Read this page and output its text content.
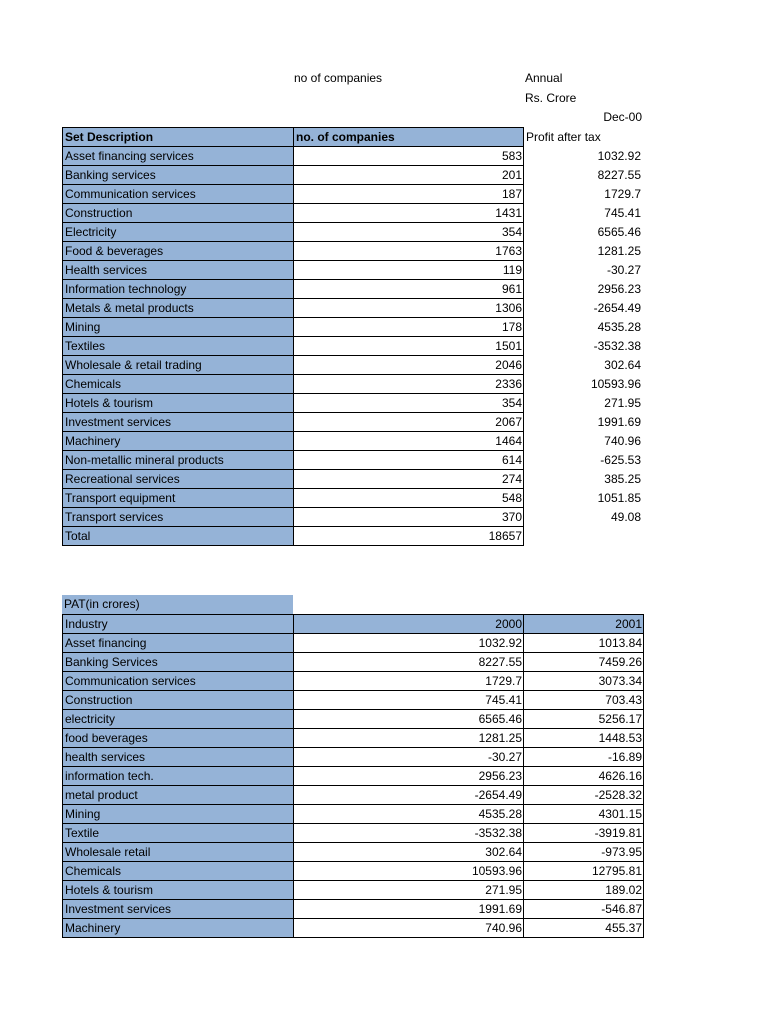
no of companies	Annual
Rs. Crore
Dec-00
Set Description	no. of companies	Profit after tax
Asset financing services	583	1032.92
Banking services	201	8227.55
Communication services	187	1729.7
Construction	1431	745.41
Electricity	354	6565.46
Food & beverages	1763	1281.25
Health services	119	-30.27
Information technology	961	2956.23
Metals & metal products	1306	-2654.49
Mining	178	4535.28
Textiles	1501	-3532.38
Wholesale & retail trading	2046	302.64
Chemicals	2336	10593.96
Hotels & tourism	354	271.95
Investment services	2067	1991.69
Machinery	1464	740.96
Non-metallic mineral products	614	-625.53
Recreational services	274	385.25
Transport equipment	548	1051.85
Transport services	370	49.08
Total	18657	
PAT(in crores)
Industry	2000	2001
Asset financing	1032.92	1013.84
Banking Services	8227.55	7459.26
Communication services	1729.7	3073.34
Construction	745.41	703.43
electricity	6565.46	5256.17
food beverages	1281.25	1448.53
health services	-30.27	-16.89
information tech.	2956.23	4626.16
metal product	-2654.49	-2528.32
Mining	4535.28	4301.15
Textile	-3532.38	-3919.81
Wholesale retail	302.64	-973.95
Chemicals	10593.96	12795.81
Hotels & tourism	271.95	189.02
Investment services	1991.69	-546.87
Machinery	740.96	455.37
